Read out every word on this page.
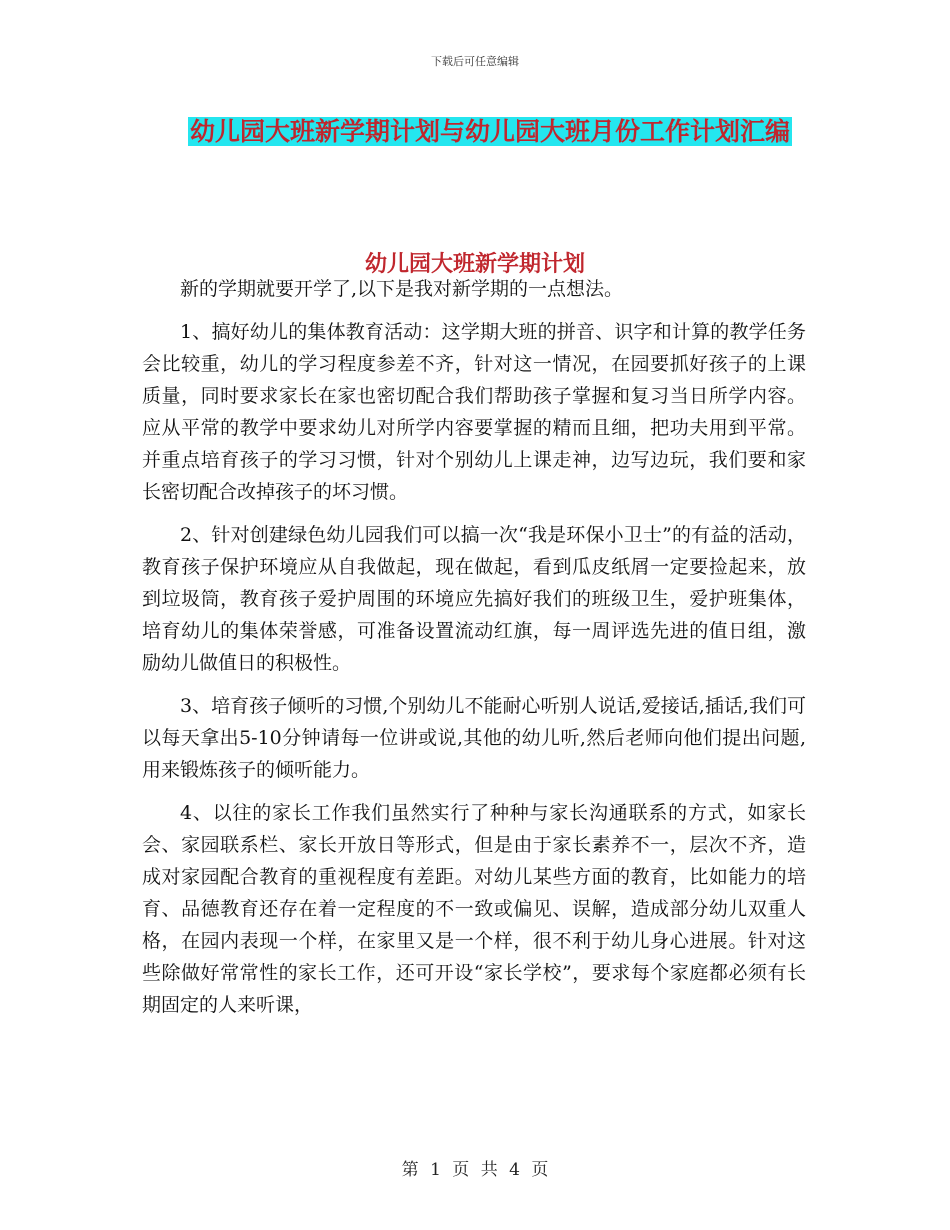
下载后可任意编辑
幼儿园大班新学期计划与幼儿园大班月份工作计划汇编
幼儿园大班新学期计划

新的学期就要开学了,以下是我对新学期的一点想法。

1、搞好幼儿的集体教育活动：这学期大班的拼音、识字和计算的教学任务会比较重，幼儿的学习程度参差不齐，针对这一情况，在园要抓好孩子的上课质量，同时要求家长在家也密切配合我们帮助孩子掌握和复习当日所学内容。应从平常的教学中要求幼儿对所学内容要掌握的精而且细，把功夫用到平常。并重点培育孩子的学习习惯，针对个别幼儿上课走神，边写边玩，我们要和家长密切配合改掉孩子的坏习惯。

2、针对创建绿色幼儿园我们可以搞一次“我是环保小卫士”的有益的活动，教育孩子保护环境应从自我做起，现在做起，看到瓜皮纸屑一定要捡起来，放到垃圾筒，教育孩子爱护周围的环境应先搞好我们的班级卫生，爱护班集体，培育幼儿的集体荣誉感，可准备设置流动红旗，每一周评选先进的值日组，激励幼儿做值日的积极性。

3、培育孩子倾听的习惯,个别幼儿不能耐心听别人说话,爱接话,插话,我们可以每天拿出5-10分钟请每一位讲或说,其他的幼儿听,然后老师向他们提出问题,用来锻炼孩子的倾听能力。

4、以往的家长工作我们虽然实行了种种与家长沟通联系的方式，如家长会、家园联系栏、家长开放日等形式，但是由于家长素养不一，层次不齐，造成对家园配合教育的重视程度有差距。对幼儿某些方面的教育，比如能力的培育、品德教育还存在着一定程度的不一致或偏见、误解，造成部分幼儿双重人格，在园内表现一个样，在家里又是一个样，很不利于幼儿身心进展。针对这些除做好常常性的家长工作，还可开设“家长学校”，要求每个家庭都必须有长期固定的人来听课，

第 1 页 共 4 页
